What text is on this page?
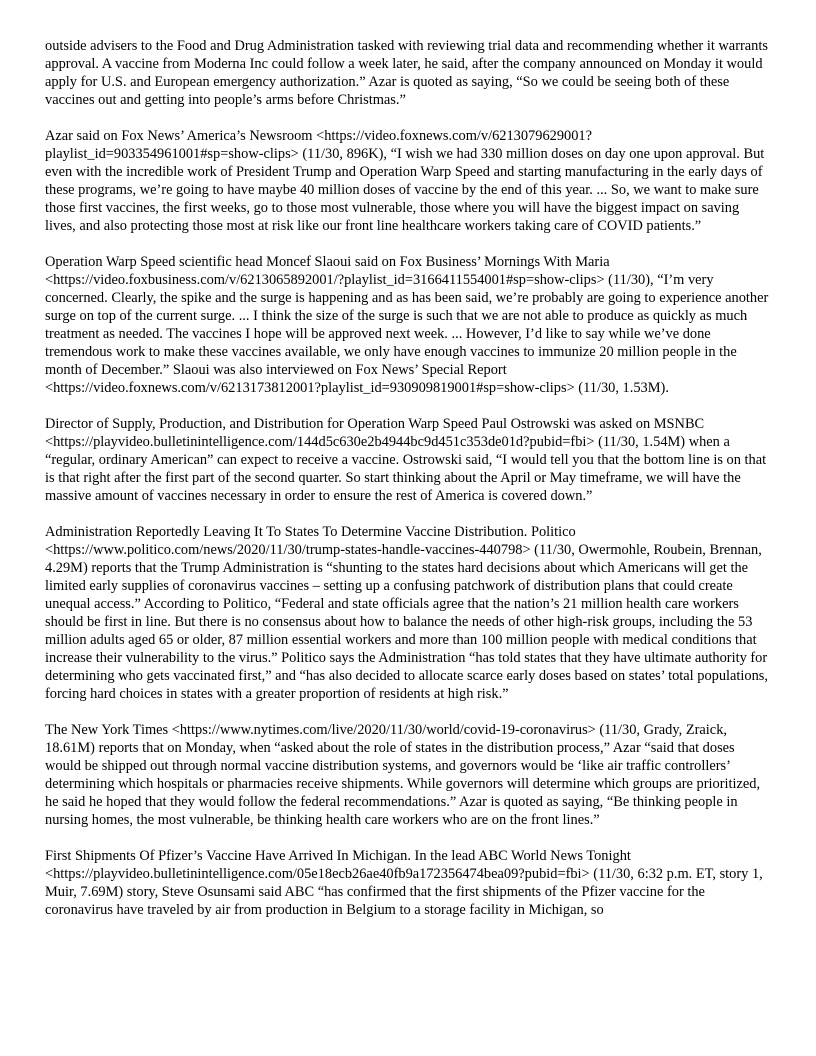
outside advisers to the Food and Drug Administration tasked with reviewing trial data and recommending whether it warrants approval. A vaccine from Moderna Inc could follow a week later, he said, after the company announced on Monday it would apply for U.S. and European emergency authorization.” Azar is quoted as saying, “So we could be seeing both of these vaccines out and getting into people’s arms before Christmas.”

Azar said on Fox News’ America’s Newsroom <https://video.foxnews.com/v/6213079629001?playlist_id=903354961001#sp=show-clips> (11/30, 896K), “I wish we had 330 million doses on day one upon approval. But even with the incredible work of President Trump and Operation Warp Speed and starting manufacturing in the early days of these programs, we’re going to have maybe 40 million doses of vaccine by the end of this year. ... So, we want to make sure those first vaccines, the first weeks, go to those most vulnerable, those where you will have the biggest impact on saving lives, and also protecting those most at risk like our front line healthcare workers taking care of COVID patients.”

Operation Warp Speed scientific head Moncef Slaoui said on Fox Business’ Mornings With Maria <https://video.foxbusiness.com/v/6213065892001/?playlist_id=3166411554001#sp=show-clips> (11/30), “I’m very concerned. Clearly, the spike and the surge is happening and as has been said, we’re probably are going to experience another surge on top of the current surge. ... I think the size of the surge is such that we are not able to produce as quickly as much treatment as needed. The vaccines I hope will be approved next week. ... However, I’d like to say while we’ve done tremendous work to make these vaccines available, we only have enough vaccines to immunize 20 million people in the month of December.” Slaoui was also interviewed on Fox News’ Special Report <https://video.foxnews.com/v/6213173812001?playlist_id=930909819001#sp=show-clips> (11/30, 1.53M).

Director of Supply, Production, and Distribution for Operation Warp Speed Paul Ostrowski was asked on MSNBC <https://playvideo.bulletinintelligence.com/144d5c630e2b4944bc9d451c353de01d?pubid=fbi> (11/30, 1.54M) when a “regular, ordinary American” can expect to receive a vaccine. Ostrowski said, “I would tell you that the bottom line is on that is that right after the first part of the second quarter. So start thinking about the April or May timeframe, we will have the massive amount of vaccines necessary in order to ensure the rest of America is covered down.”

Administration Reportedly Leaving It To States To Determine Vaccine Distribution. Politico <https://www.politico.com/news/2020/11/30/trump-states-handle-vaccines-440798> (11/30, Owermohle, Roubein, Brennan, 4.29M) reports that the Trump Administration is “shunting to the states hard decisions about which Americans will get the limited early supplies of coronavirus vaccines – setting up a confusing patchwork of distribution plans that could create unequal access.” According to Politico, “Federal and state officials agree that the nation’s 21 million health care workers should be first in line. But there is no consensus about how to balance the needs of other high-risk groups, including the 53 million adults aged 65 or older, 87 million essential workers and more than 100 million people with medical conditions that increase their vulnerability to the virus.” Politico says the Administration “has told states that they have ultimate authority for determining who gets vaccinated first,” and “has also decided to allocate scarce early doses based on states’ total populations, forcing hard choices in states with a greater proportion of residents at high risk.”

The New York Times <https://www.nytimes.com/live/2020/11/30/world/covid-19-coronavirus> (11/30, Grady, Zraick, 18.61M) reports that on Monday, when “asked about the role of states in the distribution process,” Azar “said that doses would be shipped out through normal vaccine distribution systems, and governors would be ‘like air traffic controllers’ determining which hospitals or pharmacies receive shipments. While governors will determine which groups are prioritized, he said he hoped that they would follow the federal recommendations.” Azar is quoted as saying, “Be thinking people in nursing homes, the most vulnerable, be thinking health care workers who are on the front lines.”

First Shipments Of Pfizer’s Vaccine Have Arrived In Michigan. In the lead ABC World News Tonight <https://playvideo.bulletinintelligence.com/05e18ecb26ae40fb9a172356474bea09?pubid=fbi> (11/30, 6:32 p.m. ET, story 1, Muir, 7.69M) story, Steve Osunsami said ABC “has confirmed that the first shipments of the Pfizer vaccine for the coronavirus have traveled by air from production in Belgium to a storage facility in Michigan, so
